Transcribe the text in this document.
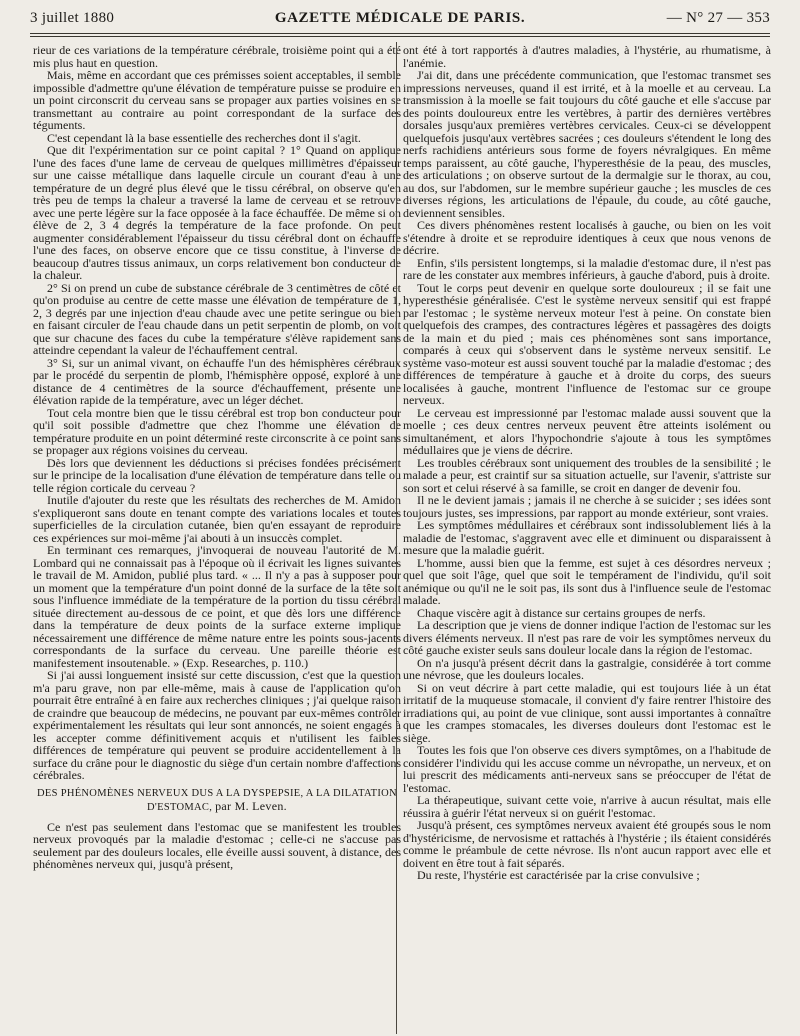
3 juillet 1880	GAZETTE MÉDICALE DE PARIS.	— N° 27 — 353

rieur de ces variations de la température cérébrale, troisième point qui a été mis plus haut en question.

Mais, même en accordant que ces prémisses soient acceptables, il semble impossible d'admettre qu'une élévation de température puisse se produire en un point circonscrit du cerveau sans se propager aux parties voisines en se transmettant au contraire au point correspondant de la surface des téguments.

C'est cependant là la base essentielle des recherches dont il s'agit.

Que dit l'expérimentation sur ce point capital ? 1° Quand on applique l'une des faces d'une lame de cerveau de quelques millimètres d'épaisseur sur une caisse métallique dans laquelle circule un courant d'eau à une température de un degré plus élevé que le tissu cérébral, on observe qu'en très peu de temps la chaleur a traversé la lame de cerveau et se retrouve avec une perte légère sur la face opposée à la face échauffée. De même si on élève de 2, 3 4 degrés la température de la face profonde. On peut augmenter considérablement l'épaisseur du tissu cérébral dont on échauffe l'une des faces, on observe encore que ce tissu constitue, à l'inverse de beaucoup d'autres tissus animaux, un corps relativement bon conducteur de la chaleur.

2° Si on prend un cube de substance cérébrale de 3 centimètres de côté et qu'on produise au centre de cette masse une élévation de température de 1, 2, 3 degrés par une injection d'eau chaude avec une petite seringue ou bien en faisant circuler de l'eau chaude dans un petit serpentin de plomb, on voit que sur chacune des faces du cube la température s'élève rapidement sans atteindre cependant la valeur de l'échauffement central.

3° Si, sur un animal vivant, on échauffe l'un des hémisphères cérébraux par le procédé du serpentin de plomb, l'hémisphère opposé, exploré à une distance de 4 centimètres de la source d'échauffement, présente une élévation rapide de la température, avec un léger déchet.

Tout cela montre bien que le tissu cérébral est trop bon conducteur pour qu'il soit possible d'admettre que chez l'homme une élévation de température produite en un point déterminé reste circonscrite à ce point sans se propager aux régions voisines du cerveau.

Dès lors que deviennent les déductions si précises fondées précisément sur le principe de la localisation d'une élévation de température dans telle ou telle région corticale du cerveau ?

Inutile d'ajouter du reste que les résultats des recherches de M. Amidon s'expliqueront sans doute en tenant compte des variations locales et toutes superficielles de la circulation cutanée, bien qu'en essayant de reproduire ces expériences sur moi-même j'ai abouti à un insuccès complet.

En terminant ces remarques, j'invoquerai de nouveau l'autorité de M. Lombard qui ne connaissait pas à l'époque où il écrivait les lignes suivantes le travail de M. Amidon, publié plus tard. « ... Il n'y a pas à supposer pour un moment que la température d'un point donné de la surface de la tête soit sous l'influence immédiate de la température de la portion du tissu cérébral située directement au-dessous de ce point, et que dès lors une différence dans la température de deux points de la surface externe implique nécessairement une différence de même nature entre les points sous-jacents correspondants de la surface du cerveau. Une pareille théorie est manifestement insoutenable. » (Exp. Researches, p. 110.)

Si j'ai aussi longuement insisté sur cette discussion, c'est que la question m'a paru grave, non par elle-même, mais à cause de l'application qu'on pourrait être entraîné à en faire aux recherches cliniques ; j'ai quelque raison de craindre que beaucoup de médecins, ne pouvant par eux-mêmes contrôler expérimentalement les résultats qui leur sont annoncés, ne soient engagés à les accepter comme définitivement acquis et n'utilisent les faibles différences de température qui peuvent se produire accidentellement à la surface du crâne pour le diagnostic du siège d'un certain nombre d'affections cérébrales.

DES PHÉNOMÈNES NERVEUX DUS A LA DYSPEPSIE, A LA DILATATION D'ESTOMAC, par M. Leven.

Ce n'est pas seulement dans l'estomac que se manifestent les troubles nerveux provoqués par la maladie d'estomac ; celle-ci ne s'accuse pas seulement par des douleurs locales, elle éveille aussi souvent, à distance, des phénomènes nerveux qui, jusqu'à présent,

ont été à tort rapportés à d'autres maladies, à l'hystérie, au rhumatisme, à l'anémie.

J'ai dit, dans une précédente communication, que l'estomac transmet ses impressions nerveuses, quand il est irrité, et à la moelle et au cerveau. La transmission à la moelle se fait toujours du côté gauche et elle s'accuse par des points douloureux entre les vertèbres, à partir des dernières vertèbres dorsales jusqu'aux premières vertèbres cervicales. Ceux-ci se développent quelquefois jusqu'aux vertèbres sacrées ; ces douleurs s'étendent le long des nerfs rachidiens antérieurs sous forme de foyers névralgiques. En même temps paraissent, au côté gauche, l'hyperesthésie de la peau, des muscles, des articulations ; on observe surtout de la dermalgie sur le thorax, au cou, au dos, sur l'abdomen, sur le membre supérieur gauche ; les muscles de ces diverses régions, les articulations de l'épaule, du coude, au côté gauche, deviennent sensibles.

Ces divers phénomènes restent localisés à gauche, ou bien on les voit s'étendre à droite et se reproduire identiques à ceux que nous venons de décrire.

Enfin, s'ils persistent longtemps, si la maladie d'estomac dure, il n'est pas rare de les constater aux membres inférieurs, à gauche d'abord, puis à droite.

Tout le corps peut devenir en quelque sorte douloureux ; il se fait une hyperesthésie généralisée. C'est le système nerveux sensitif qui est frappé par l'estomac ; le système nerveux moteur l'est à peine. On constate bien quelquefois des crampes, des contractures légères et passagères des doigts de la main et du pied ; mais ces phénomènes sont sans importance, comparés à ceux qui s'observent dans le système nerveux sensitif. Le système vaso-moteur est aussi souvent touché par la maladie d'estomac ; des différences de température à gauche et à droite du corps, des sueurs localisées à gauche, montrent l'influence de l'estomac sur ce groupe nerveux.

Le cerveau est impressionné par l'estomac malade aussi souvent que la moelle ; ces deux centres nerveux peuvent être atteints isolément ou simultanément, et alors l'hypochondrie s'ajoute à tous les symptômes médullaires que je viens de décrire.

Les troubles cérébraux sont uniquement des troubles de la sensibilité ; le malade a peur, est craintif sur sa situation actuelle, sur l'avenir, s'attriste sur son sort et celui réservé à sa famille, se croit en danger de devenir fou.

Il ne le devient jamais ; jamais il ne cherche à se suicider ; ses idées sont toujours justes, ses impressions, par rapport au monde extérieur, sont vraies.

Les symptômes médullaires et cérébraux sont indissolublement liés à la maladie de l'estomac, s'aggravent avec elle et diminuent ou disparaissent à mesure que la maladie guérit.

L'homme, aussi bien que la femme, est sujet à ces désordres nerveux ; quel que soit l'âge, quel que soit le tempérament de l'individu, qu'il soit anémique ou qu'il ne le soit pas, ils sont dus à l'influence seule de l'estomac malade.

Chaque viscère agit à distance sur certains groupes de nerfs.

La description que je viens de donner indique l'action de l'estomac sur les divers éléments nerveux. Il n'est pas rare de voir les symptômes nerveux du côté gauche exister seuls sans douleur locale dans la région de l'estomac.

On n'a jusqu'à présent décrit dans la gastralgie, considérée à tort comme une névrose, que les douleurs locales.

Si on veut décrire à part cette maladie, qui est toujours liée à un état irritatif de la muqueuse stomacale, il convient d'y faire rentrer l'histoire des irradiations qui, au point de vue clinique, sont aussi importantes à connaître que les crampes stomacales, les diverses douleurs dont l'estomac est le siège.

Toutes les fois que l'on observe ces divers symptômes, on a l'habitude de considérer l'individu qui les accuse comme un névropathe, un nerveux, et on lui prescrit des médicaments anti-nerveux sans se préoccuper de l'état de l'estomac.

La thérapeutique, suivant cette voie, n'arrive à aucun résultat, mais elle réussira à guérir l'état nerveux si on guérit l'estomac.

Jusqu'à présent, ces symptômes nerveux avaient été groupés sous le nom d'hystéricisme, de nervosisme et rattachés à l'hystérie ; ils étaient considérés comme le préambule de cette névrose. Ils n'ont aucun rapport avec elle et doivent en être tout à fait séparés.

Du reste, l'hystérie est caractérisée par la crise convulsive ;
